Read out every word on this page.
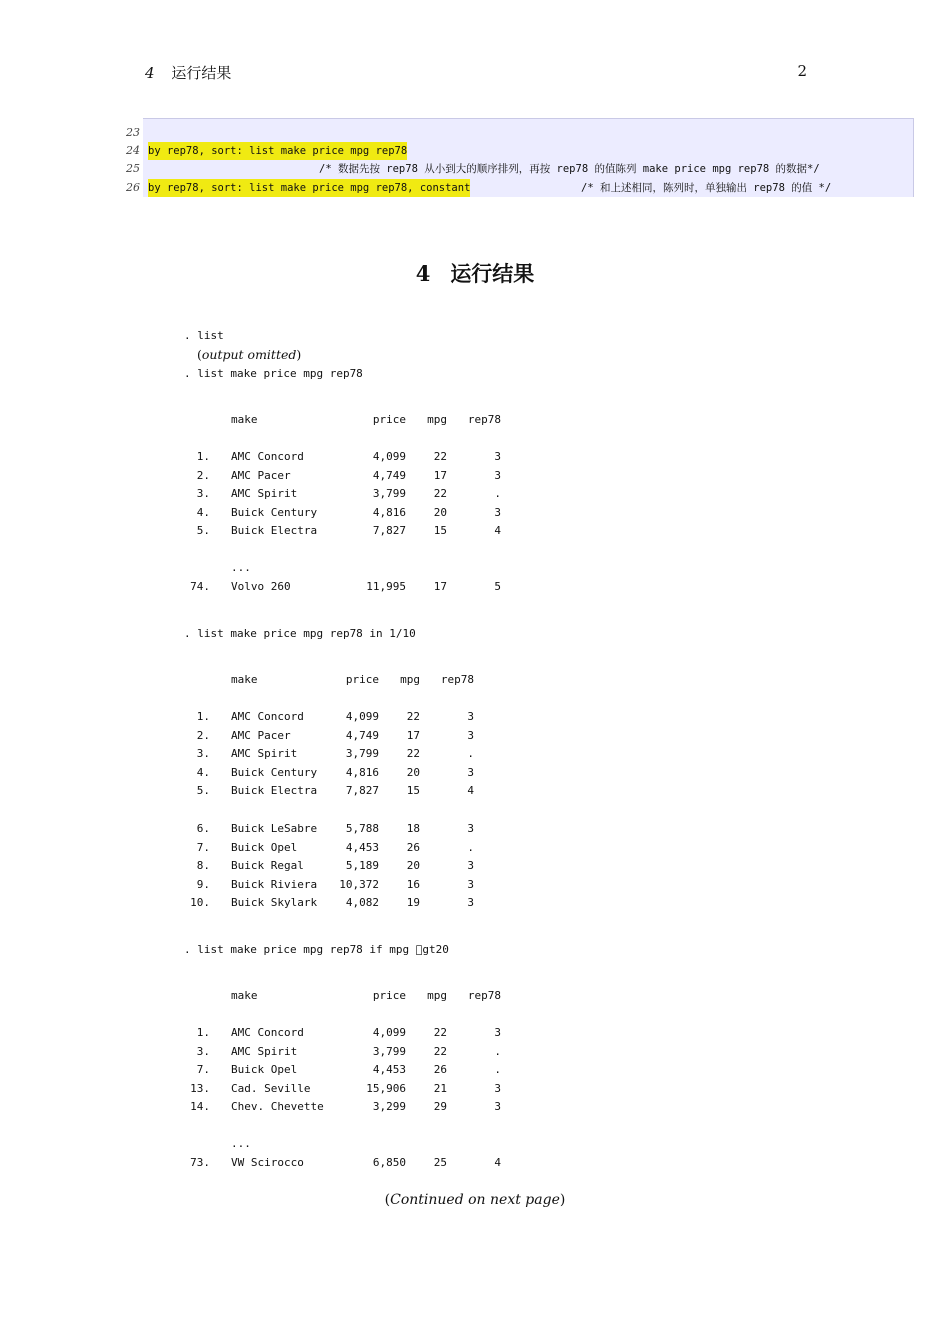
4 运行结果	2
23
24 by rep78, sort: list make price mpg rep78
25	/* 数据先按 rep78 从小到大的顺序排列，再按 rep78 的值陈列 make price mpg rep78 的数据*/
26 by rep78, sort: list make price mpg rep78, constant	/* 和上述相同，陈列时，单独输出 rep78 的值 */
4 运行结果
. list
(output omitted)
. list make price mpg rep78
make	price	mpg	rep78
1. AMC Concord	4,099	22	3
2. AMC Pacer	4,749	17	3
3. AMC Spirit	3,799	22	.
4. Buick Century	4,816	20	3
5. Buick Electra	7,827	15	4
74. Volvo 260	11,995	17	5
...
. list make price mpg rep78 in 1/10
make	price	mpg	rep78
1. AMC Concord	4,099	22	3
2. AMC Pacer	4,749	17	3
3. AMC Spirit	3,799	22	.
4. Buick Century	4,816	20	3
5. Buick Electra	7,827	15	4
6. Buick LeSabre	5,788	18	3
7. Buick Opel	4,453	26	.
8. Buick Regal	5,189	20	3
9. Buick Riviera	10,372	16	3
10. Buick Skylark	4,082	19	3
. list make price mpg rep78 if mpg  gt20
make	price	mpg	rep78
1. AMC Concord	4,099	22	3
3. AMC Spirit	3,799	22	.
7. Buick Opel	4,453	26	.
13. Cad. Seville	15,906	21	3
14. Chev. Chevette	3,299	29	3
73. VW Scirocco	6,850	25	4
...
(Continued on next page)
